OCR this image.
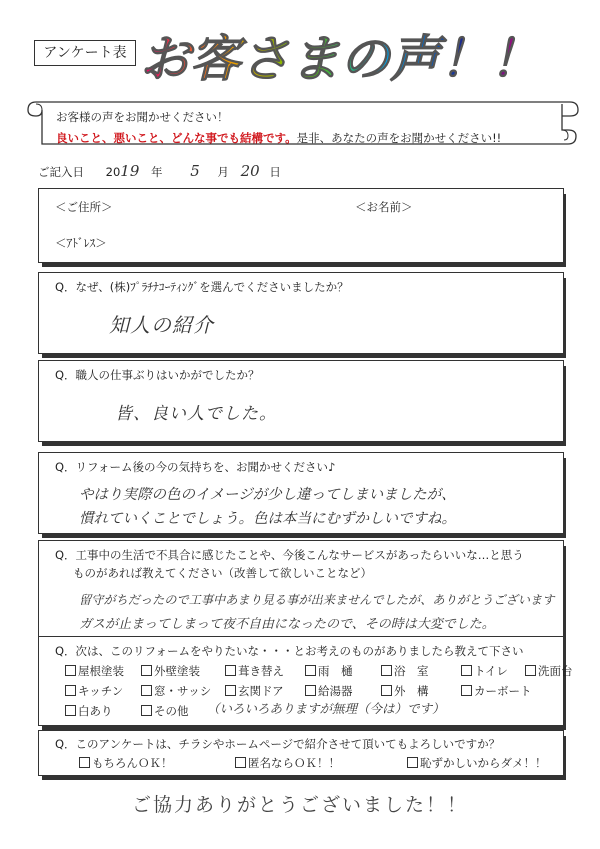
アンケート表 お客さまの声！！
お客様の声をお聞かせください！
良いこと、悪いこと、どんな事でも結構です。是非、あなたの声をお聞かせください!!
ご記入日 2019 年 5 月 20 日
＜ご住所＞	＜お名前＞
＜ｱﾄﾞﾚｽ＞
Q．なぜ、(株)ﾌﾟﾗﾁﾅｺｰﾃｨﾝｸﾞを選んでくださいましたか？
知人の紹介
Q．職人の仕事ぶりはいかがでしたか？
皆、良い人でした。
Q．リフォーム後の今の気持ちを、お聞かせください♪
やはり実際の色のイメージが少し違ってしまいましたが、
慣れていくことでしょう。色は本当にむずかしいですね。
Q．工事中の生活で不具合に感じたことや、今後こんなサービスがあったらいいな…と思う
ものがあれば教えてください（改善して欲しいことなど）
留守がちだったので工事中あまり見る事が出来ませんでしたが、ありがとうございます
ガスが止まってしまって夜不自由になったので、その時は大変でした。
Q．次は、このリフォームをやりたいな・・・とお考えのものがありましたら教えて下さい
屋根塗装	外壁塗装	葺き替え	雨　樋	浴　室	トイレ	洗面台
キッチン	窓・サッシ	玄関ドア	給湯器	外　構	カーボート
白あり	その他 （いろいろありますが無理（今は）です）
Q．このアンケートは、チラシやホームページで紹介させて頂いてもよろしいですか？
もちろんＯＫ！	匿名ならＯＫ！！	恥ずかしいからダメ！！
ご協力ありがとうございました！！
